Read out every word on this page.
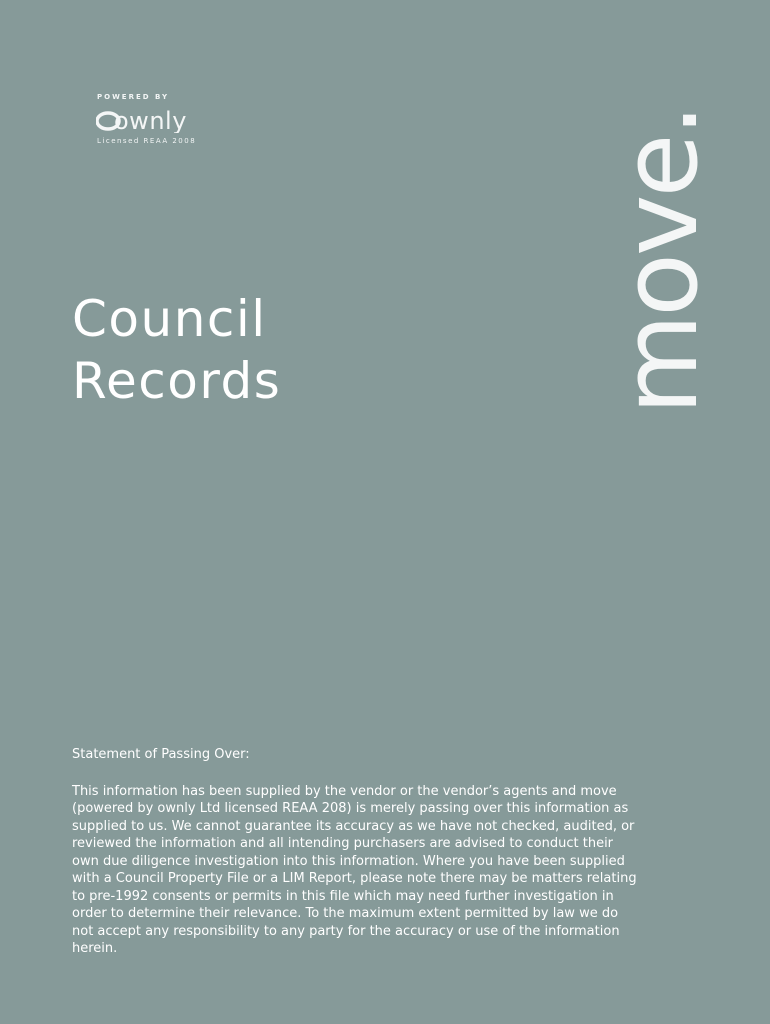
POWERED BY
ownly
Licensed REAA 2008	move.
Council
Records

Statement of Passing Over:

This information has been supplied by the vendor or the vendor’s agents and move
(powered by ownly Ltd licensed REAA 208) is merely passing over this information as
supplied to us. We cannot guarantee its accuracy as we have not checked, audited, or
reviewed the information and all intending purchasers are advised to conduct their
own due diligence investigation into this information. Where you have been supplied
with a Council Property File or a LIM Report, please note there may be matters relating
to pre-1992 consents or permits in this file which may need further investigation in
order to determine their relevance. To the maximum extent permitted by law we do
not accept any responsibility to any party for the accuracy or use of the information
herein.
